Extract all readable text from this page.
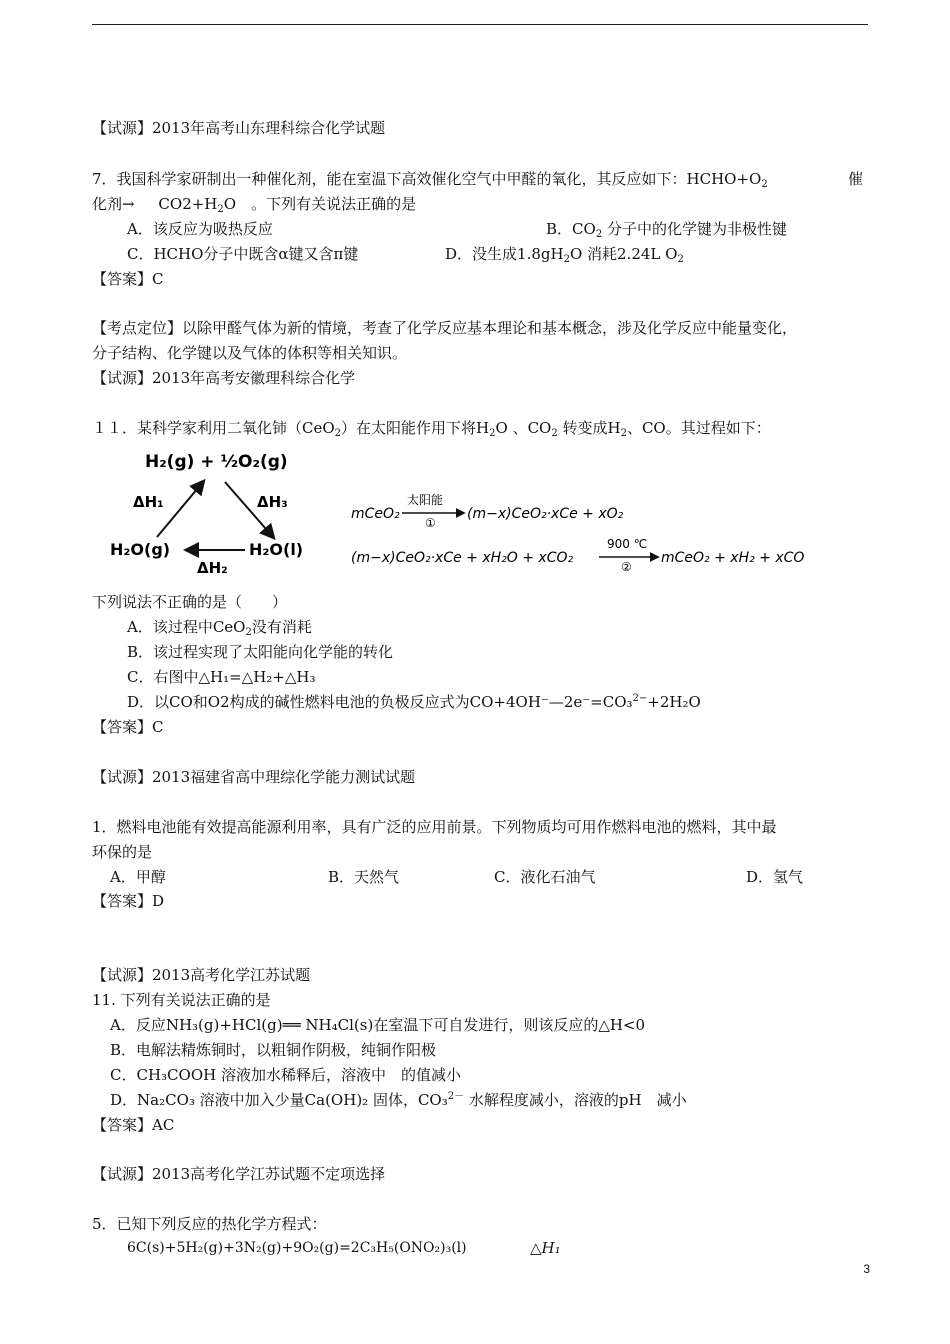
【试源】2013年高考山东理科综合化学试题
7．我国科学家研制出一种催化剂，能在室温下高效催化空气中甲醛的氧化，其反应如下：$HCHO+O_2$	催
化剂→ $CO2+H_2O$　。下列有关说法正确的是
A．该反应为吸热反应	B．$CO_2$ 分子中的化学键为非极性键
C．HCHO分子中既含α键又含π键	D．没生成$1.8gH_2O$ 消耗2.24L $O_2$
【答案】C
【考点定位】以除甲醛气体为新的情境，考查了化学反应基本理论和基本概念，涉及化学反应中能量变化，
分子结构、化学键以及气体的体积等相关知识。
【试源】2013年高考安徽理科综合化学
１１．某科学家利用二氧化铈（CeO$_2$）在太阳能作用下将$H_2O$ 、$CO_2$ 转变成$H_2$、CO。其过程如下：
H₂(g) + ½O₂(g)
ΔH₁	ΔH₃
H₂O(g)	H₂O(l)
ΔH₂
mCeO₂
太阳能
①
(m−x)CeO₂·xCe + xO₂
(m−x)CeO₂·xCe + xH₂O + xCO₂
900 ℃
②
mCeO₂ + xH₂ + xCO
下列说法不正确的是（　　）
A．该过程中CeO$_2$没有消耗
B．该过程实现了太阳能向化学能的转化
C．右图中△H₁=△H₂+△H₃
D．以CO和O2构成的碱性燃料电池的负极反应式为CO+4OH⁻—2e⁻=CO₃$^{2-}$+2H₂O
【答案】C
【试源】2013福建省高中理综化学能力测试试题
1．燃料电池能有效提高能源利用率，具有广泛的应用前景。下列物质均可用作燃料电池的燃料，其中最
环保的是
A．甲醇	B．天然气	C．液化石油气	D．氢气
【答案】D
【试源】2013高考化学江苏试题
11. 下列有关说法正确的是
A．反应NH₃(g)+HCl(g)══ NH₄Cl(s)在室温下可自发进行，则该反应的△H<0
B．电解法精炼铜时，以粗铜作阴极，纯铜作阳极
C．CH₃COOH 溶液加水稀释后，溶液中　的值减小
D．Na₂CO₃ 溶液中加入少量Ca(OH)₂ 固体，CO₃$^{2-}$ 水解程度减小，溶液的pH　减小
【答案】AC
【试源】2013高考化学江苏试题不定项选择
5．已知下列反应的热化学方程式：
6C(s)+5H₂(g)+3N₂(g)+9O₂(g)=2C₃H₅(ONO₂)₃(l)	△H₁
3
